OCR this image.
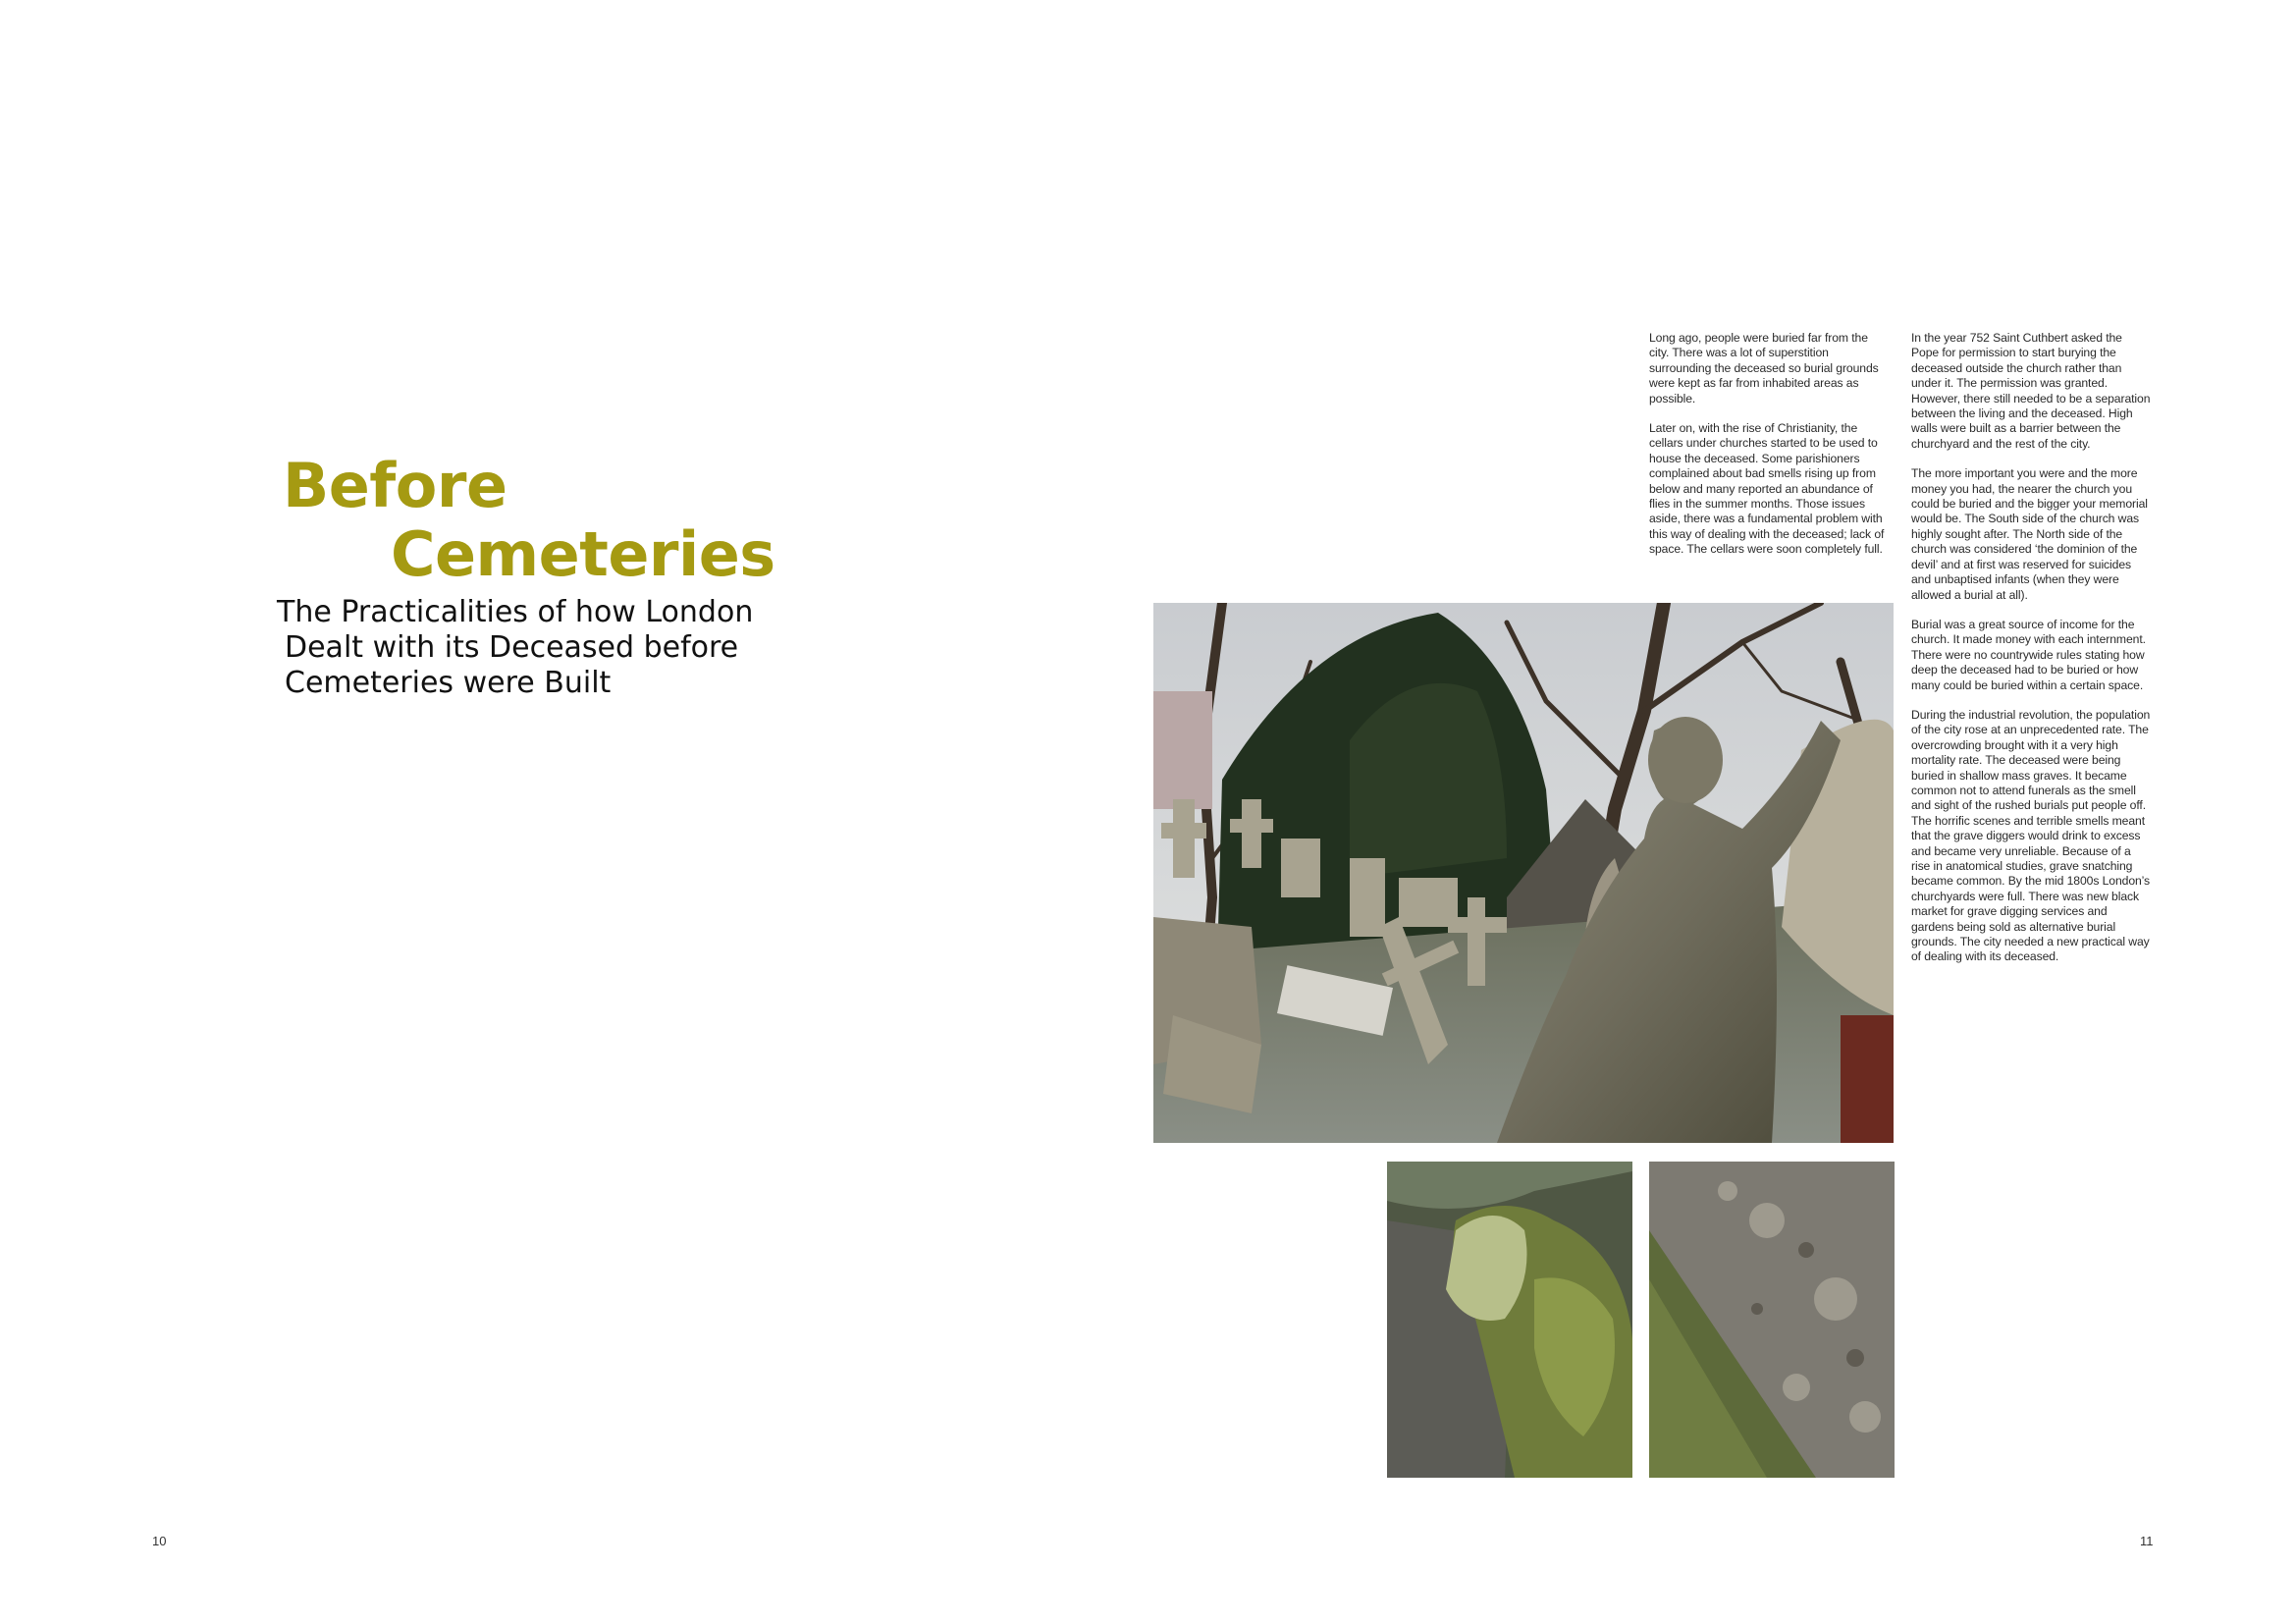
Before
Cemeteries
The Practicalities of how London
Dealt with its Deceased before
Cemeteries were Built

Long ago, people were buried far from the city. There was a lot of superstition surrounding the deceased so burial grounds were kept as far from inhabited areas as possible.

Later on, with the rise of Christianity, the cellars under churches started to be used to house the deceased. Some parishioners complained about bad smells rising up from below and many reported an abundance of flies in the summer months. Those issues aside, there was a fundamental problem with this way of dealing with the deceased; lack of space. The cellars were soon completely full.

In the year 752 Saint Cuthbert asked the Pope for permission to start burying the deceased outside the church rather than under it. The permission was granted. However, there still needed to be a separation between the living and the deceased. High walls were built as a barrier between the churchyard and the rest of the city.

The more important you were and the more money you had, the nearer the church you could be buried and the bigger your memorial would be. The South side of the church was highly sought after. The North side of the church was considered ‘the dominion of the devil’ and at first was reserved for suicides and unbaptised infants (when they were allowed a burial at all).

Burial was a great source of income for the church. It made money with each internment. There were no countrywide rules stating how deep the deceased had to be buried or how many could be buried within a certain space.

During the industrial revolution, the population of the city rose at an unprecedented rate. The overcrowding brought with it a very high mortality rate. The deceased were being buried in shallow mass graves. It became common not to attend funerals as the smell and sight of the rushed burials put people off. The horrific scenes and terrible smells meant that the grave diggers would drink to excess and became very unreliable. Because of a rise in anatomical studies, grave snatching became common. By the mid 1800s London’s churchyards were full. There was new black market for grave digging services and gardens being sold as alternative burial grounds. The city needed a new practical way of dealing with its deceased.

10	11
